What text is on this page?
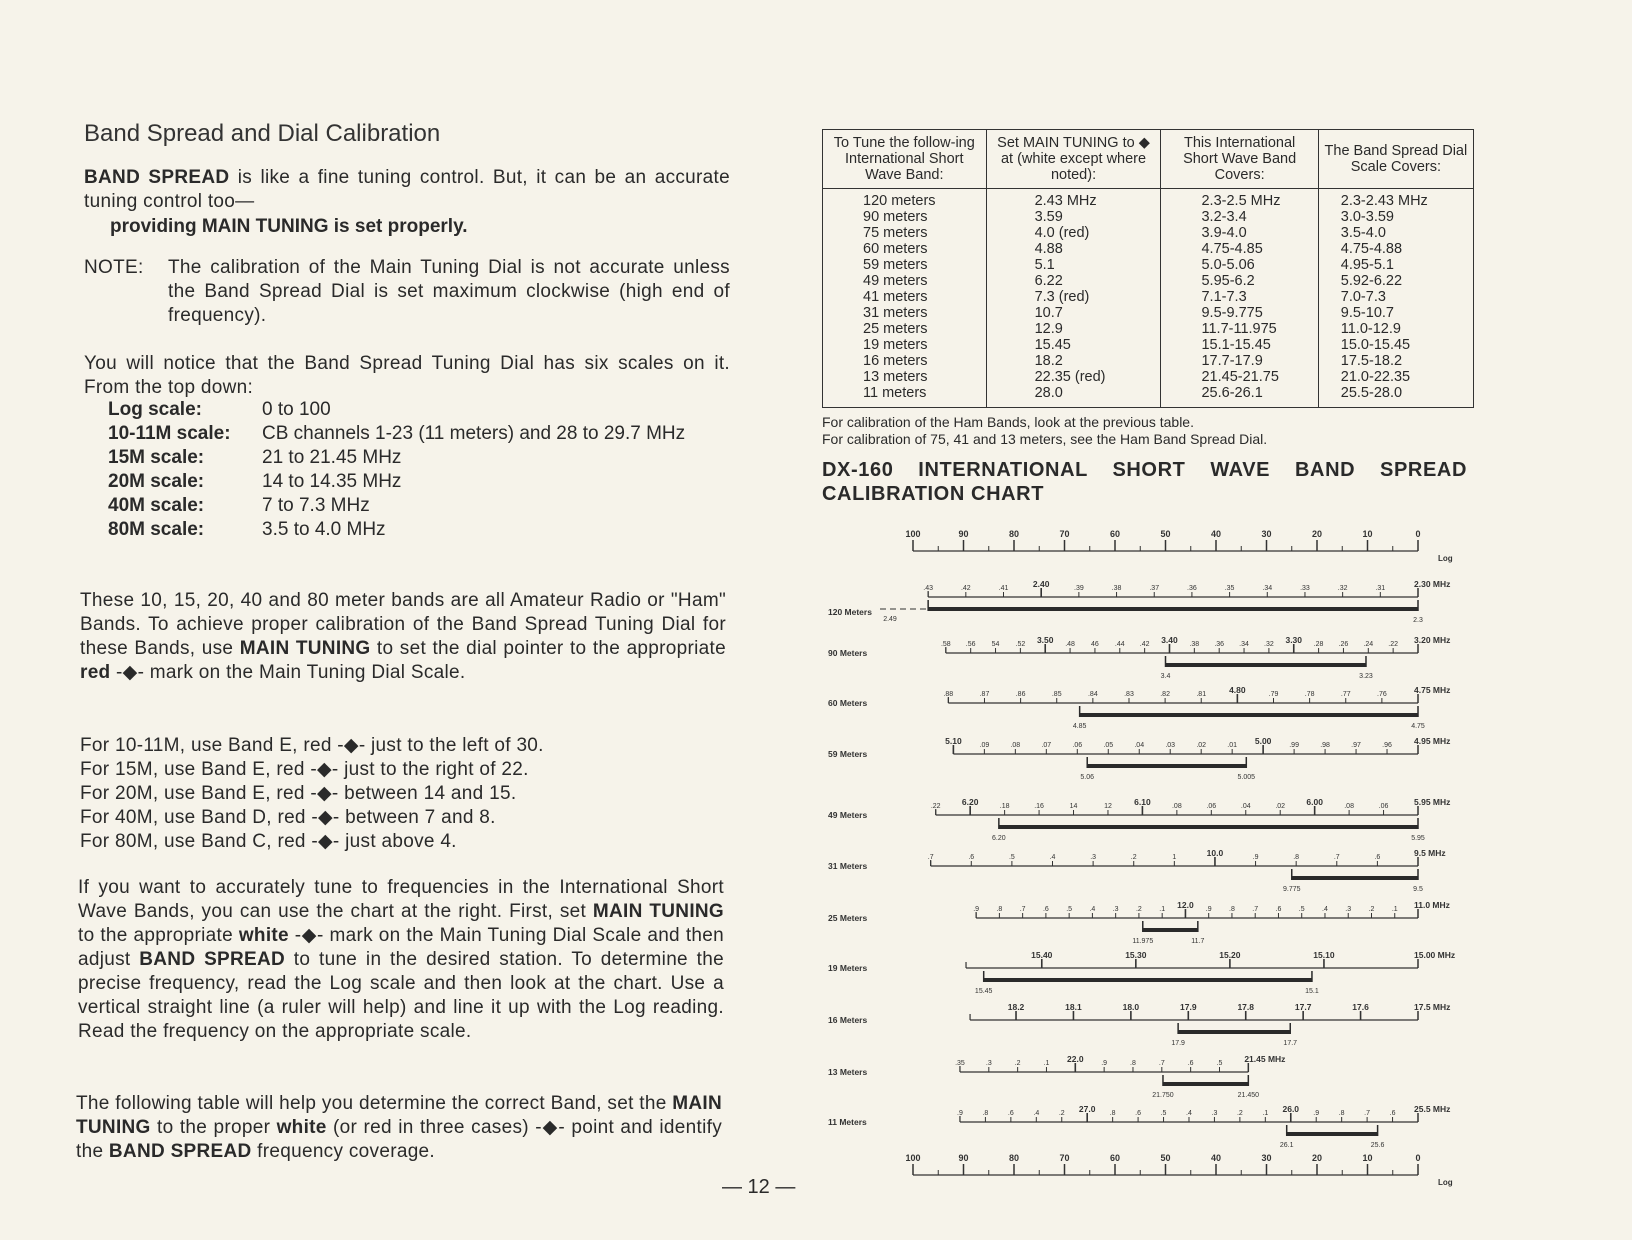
Band Spread and Dial Calibration
BAND SPREAD is like a fine tuning control. But, it can be an accurate tuning control too—
providing MAIN TUNING is set properly.
NOTE: The calibration of the Main Tuning Dial is not accurate unless the Band Spread Dial is set maximum clockwise (high end of frequency).
You will notice that the Band Spread Tuning Dial has six scales on it. From the top down:
Log scale:	0 to 100
10-11M scale:	CB channels 1-23 (11 meters) and 28 to 29.7 MHz
15M scale:	21 to 21.45 MHz
20M scale:	14 to 14.35 MHz
40M scale:	7 to 7.3 MHz
80M scale:	3.5 to 4.0 MHz
These 10, 15, 20, 40 and 80 meter bands are all Amateur Radio or "Ham" Bands. To achieve proper calibration of the Band Spread Tuning Dial for these Bands, use MAIN TUNING to set the dial pointer to the appropriate red -◆- mark on the Main Tuning Dial Scale.
For 10-11M, use Band E, red -◆- just to the left of 30.
For 15M, use Band E, red -◆- just to the right of 22.
For 20M, use Band E, red -◆- between 14 and 15.
For 40M, use Band D, red -◆- between 7 and 8.
For 80M, use Band C, red -◆- just above 4.
If you want to accurately tune to frequencies in the International Short Wave Bands, you can use the chart at the right. First, set MAIN TUNING to the appropriate white -◆- mark on the Main Tuning Dial Scale and then adjust BAND SPREAD to tune in the desired station. To determine the precise frequency, read the Log scale and then look at the chart. Use a vertical straight line (a ruler will help) and line it up with the Log reading. Read the frequency on the appropriate scale.
The following table will help you determine the correct Band, set the MAIN TUNING to the proper white (or red in three cases) -◆- point and identify the BAND SPREAD frequency coverage.
— 12 —
To Tune the follow-ing International Short Wave Band:	Set MAIN TUNING to ◆ at (white except where noted):	This International Short Wave Band Covers:	The Band Spread Dial Scale Covers:
120 meters	2.43 MHz	2.3-2.5 MHz	2.3-2.43 MHz
90 meters	3.59	3.2-3.4	3.0-3.59
75 meters	4.0 (red)	3.9-4.0	3.5-4.0
60 meters	4.88	4.75-4.85	4.75-4.88
59 meters	5.1	5.0-5.06	4.95-5.1
49 meters	6.22	5.95-6.2	5.92-6.22
41 meters	7.3 (red)	7.1-7.3	7.0-7.3
31 meters	10.7	9.5-9.775	9.5-10.7
25 meters	12.9	11.7-11.975	11.0-12.9
19 meters	15.45	15.1-15.45	15.0-15.45
16 meters	18.2	17.7-17.9	17.5-18.2
13 meters	22.35 (red)	21.45-21.75	21.0-22.35
11 meters	28.0	25.6-26.1	25.5-28.0
For calibration of the Ham Bands, look at the previous table.
For calibration of 75, 41 and 13 meters, see the Ham Band Spread Dial.
DX-160 INTERNATIONAL SHORT WAVE BAND SPREAD CALIBRATION CHART
100	90	80	70	60	50	40	30	20	10	0
Log
100	90	80	70	60	50	40	30	20	10	0
Log
120 Meters
.43	.42	.41	2.40	.39	.38	.37	.36	.35	.34	.33	.32	.31	2.30 MHz
2.49	2.3
90 Meters
.58 .56 54 .52 3.50 .48 46 .44 .42 3.40 .38 .36 .34 .32 3.30 .28 .26 .24 .22 3.20 MHz
3.4	3.23
60 Meters
.88	.87	.86	.85	.84	.83	.82	.81	4.80	.79	.78	.77	.76	4.75 MHz
4.85	4.75
59 Meters
5.10	.09	.08	.07	.06	.05	.04	.03	.02	.01 5.00	.99	.98	.97	.96	4.95 MHz
5.06	5.005
49 Meters
.22	6.20	.18	.16	14	12	6.10	.08	.06	.04	.02	6.00	.08	.06	5.95 MHz
6.20	5.95
31 Meters
.7	.6	.5	.4	.3	.2	1	10.0	.9	.8	.7	.6	9.5 MHz
9.775	9.5
25 Meters
.9 .8 .7 .6 .5 .4 .3 .2 .1 12.0 .9 .8 .7 .6 .5 .4 .3 .2 .1 11.0 MHz
11.975	11.7
19 Meters
15.40	15.30	15.20	15.10	15.00 MHz
15.45	15.1
16 Meters
18.2	18.1	18.0	17.9	17.8	17.7	17.6	17.5 MHz
17.9	17.7
13 Meters
.35	.3	.2	.1 22.0	.9	.8	.7	.6	.5	21.45 MHz
21.750	21.450
11 Meters
.9	.8	.6	.4	.2 27.0 .8	.6	.5	.4	.3	.2	.1 26.0 .9	.8	.7	.6 25.5 MHz
26.1	25.6
